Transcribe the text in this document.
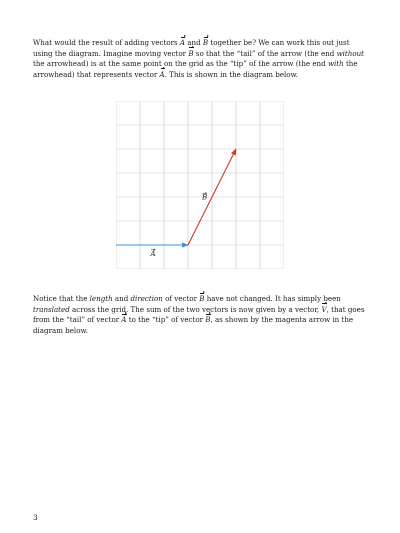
What would the result of adding vectors A and B together be? We can work this out just using the diagram. Imagine moving vector B so that the “tail” of the arrow (the end without the arrowhead) is at the same point on the grid as the “tip” of the arrow (the end with the arrowhead) that represents vector A. This is shown in the diagram below.

A
B

Notice that the length and direction of vector B have not changed. It has simply been translated across the grid. The sum of the two vectors is now given by a vector, V, that goes from the “tail” of vector A to the “tip” of vector B, as shown by the magenta arrow in the diagram below.

3
